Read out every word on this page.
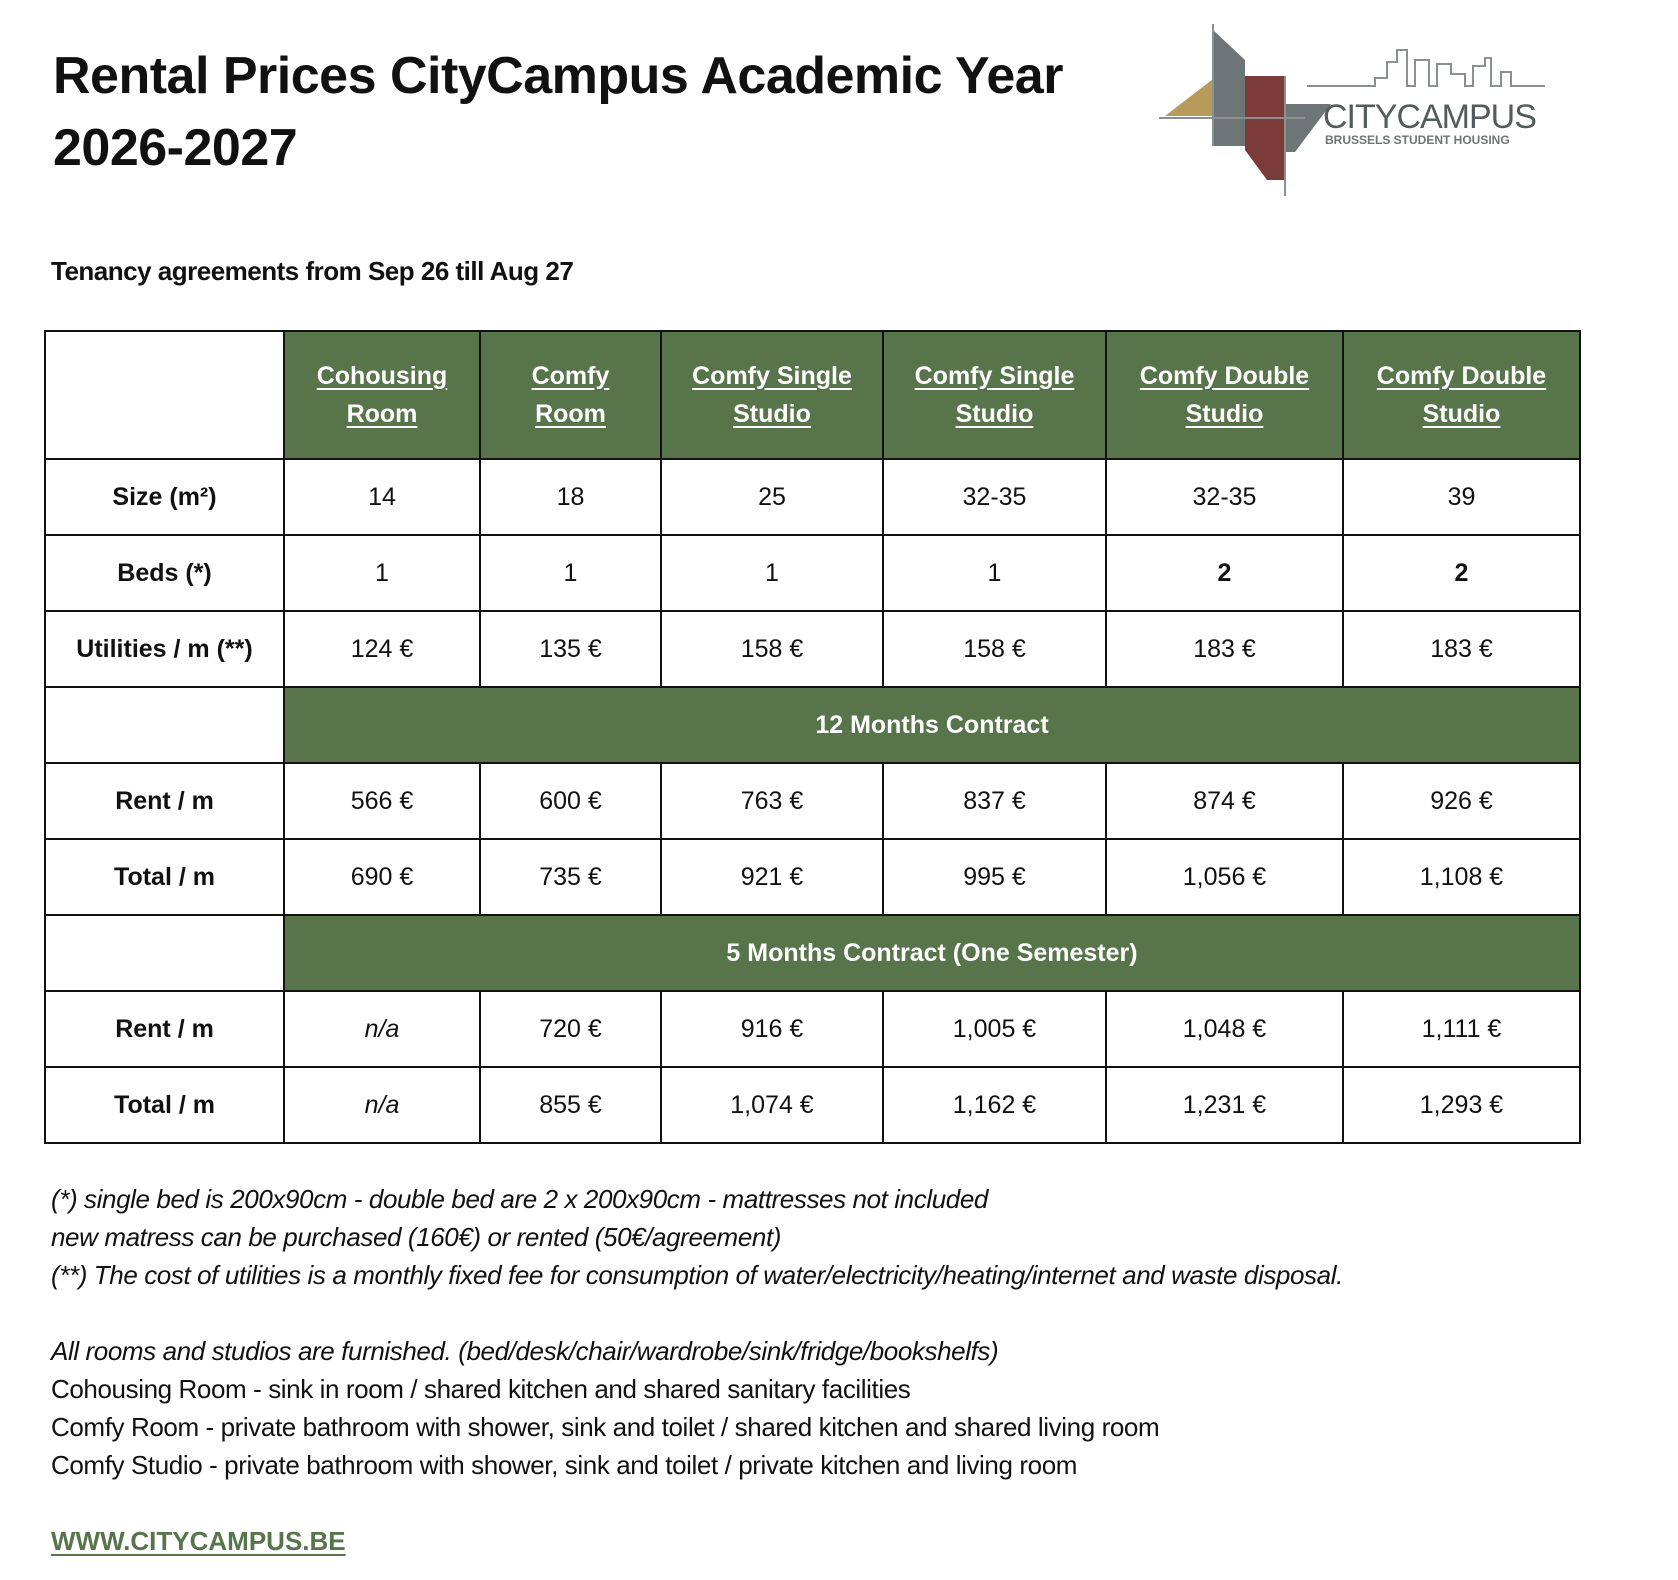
Rental Prices CityCampus Academic Year 2026-2027
CITYCAMPUS
BRUSSELS STUDENT HOUSING
Tenancy agreements from Sep 26 till Aug 27
	Cohousing Room	Comfy Room	Comfy Single Studio	Comfy Single Studio	Comfy Double Studio	Comfy Double Studio
Size (m²)	14	18	25	32-35	32-35	39
Beds (*)	1	1	1	1	2	2
Utilities / m (**)	124 €	135 €	158 €	158 €	183 €	183 €
	12 Months Contract					
Rent / m	566 €	600 €	763 €	837 €	874 €	926 €
Total / m	690 €	735 €	921 €	995 €	1,056 €	1,108 €
	5 Months Contract (One Semester)					
Rent / m	n/a	720 €	916 €	1,005 €	1,048 €	1,111 €
Total / m	n/a	855 €	1,074 €	1,162 €	1,231 €	1,293 €

(*) single bed is 200x90cm - double bed are 2 x 200x90cm - mattresses not included

new matress can be purchased (160€) or rented (50€/agreement)

(**) The cost of utilities is a monthly fixed fee for consumption of water/electricity/heating/internet and waste disposal.

All rooms and studios are furnished. (bed/desk/chair/wardrobe/sink/fridge/bookshelfs)

Cohousing Room - sink in room / shared kitchen and shared sanitary facilities

Comfy Room - private bathroom with shower, sink and toilet / shared kitchen and shared living room

Comfy Studio - private bathroom with shower, sink and toilet / private kitchen and living room

WWW.CITYCAMPUS.BE
